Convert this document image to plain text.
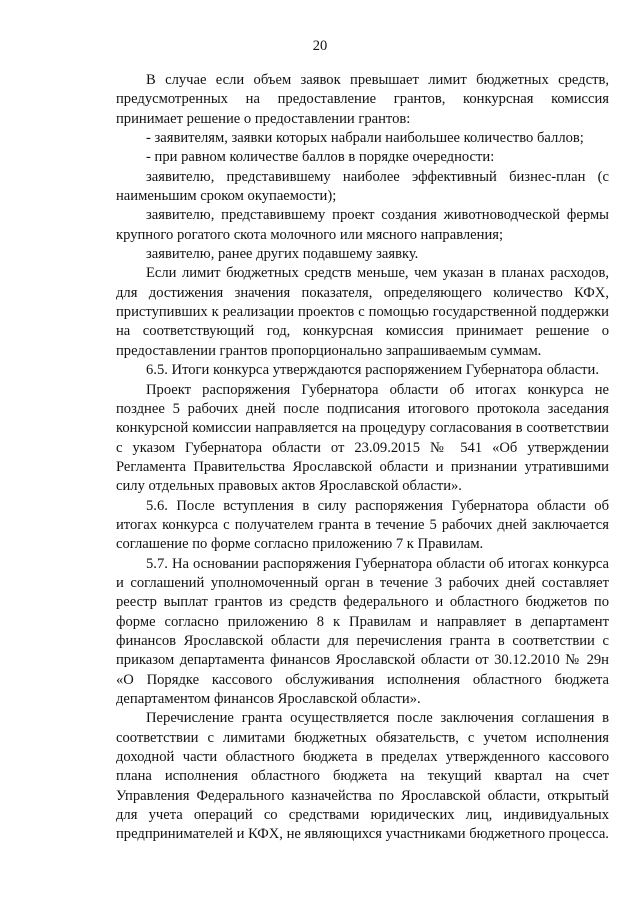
20

В случае если объем заявок превышает лимит бюджетных средств, предусмотренных на предоставление грантов, конкурсная комиссия принимает решение о предоставлении грантов:

- заявителям, заявки которых набрали наибольшее количество баллов;

- при равном количестве баллов в порядке очередности:

заявителю, представившему наиболее эффективный бизнес-план (с наименьшим сроком окупаемости);

заявителю, представившему проект создания животноводческой фермы крупного рогатого скота молочного или мясного направления;

заявителю, ранее других подавшему заявку.

Если лимит бюджетных средств меньше, чем указан в планах расходов, для достижения значения показателя, определяющего количество КФХ, приступивших к реализации проектов с помощью государственной поддержки на соответствующий год, конкурсная комиссия принимает решение о предоставлении грантов пропорционально запрашиваемым суммам.

6.5. Итоги конкурса утверждаются распоряжением Губернатора области.

Проект распоряжения Губернатора области об итогах конкурса не позднее 5 рабочих дней после подписания итогового протокола заседания конкурсной комиссии направляется на процедуру согласования в соответствии с указом Губернатора области от 23.09.2015 № 541 «Об утверждении Регламента Правительства Ярославской области и признании утратившими силу отдельных правовых актов Ярославской области».

5.6. После вступления в силу распоряжения Губернатора области об итогах конкурса с получателем гранта в течение 5 рабочих дней заключается соглашение по форме согласно приложению 7 к Правилам.

5.7. На основании распоряжения Губернатора области об итогах конкурса и соглашений уполномоченный орган в течение 3 рабочих дней составляет реестр выплат грантов из средств федерального и областного бюджетов по форме согласно приложению 8 к Правилам и направляет в департамент финансов Ярославской области для перечисления гранта в соответствии с приказом департамента финансов Ярославской области от 30.12.2010 № 29н «О Порядке кассового обслуживания исполнения областного бюджета департаментом финансов Ярославской области».

Перечисление гранта осуществляется после заключения соглашения в соответствии с лимитами бюджетных обязательств, с учетом исполнения доходной части областного бюджета в пределах утвержденного кассового плана исполнения областного бюджета на текущий квартал на счет Управления Федерального казначейства по Ярославской области, открытый для учета операций со средствами юридических лиц, индивидуальных предпринимателей и КФХ, не являющихся участниками бюджетного процесса.
